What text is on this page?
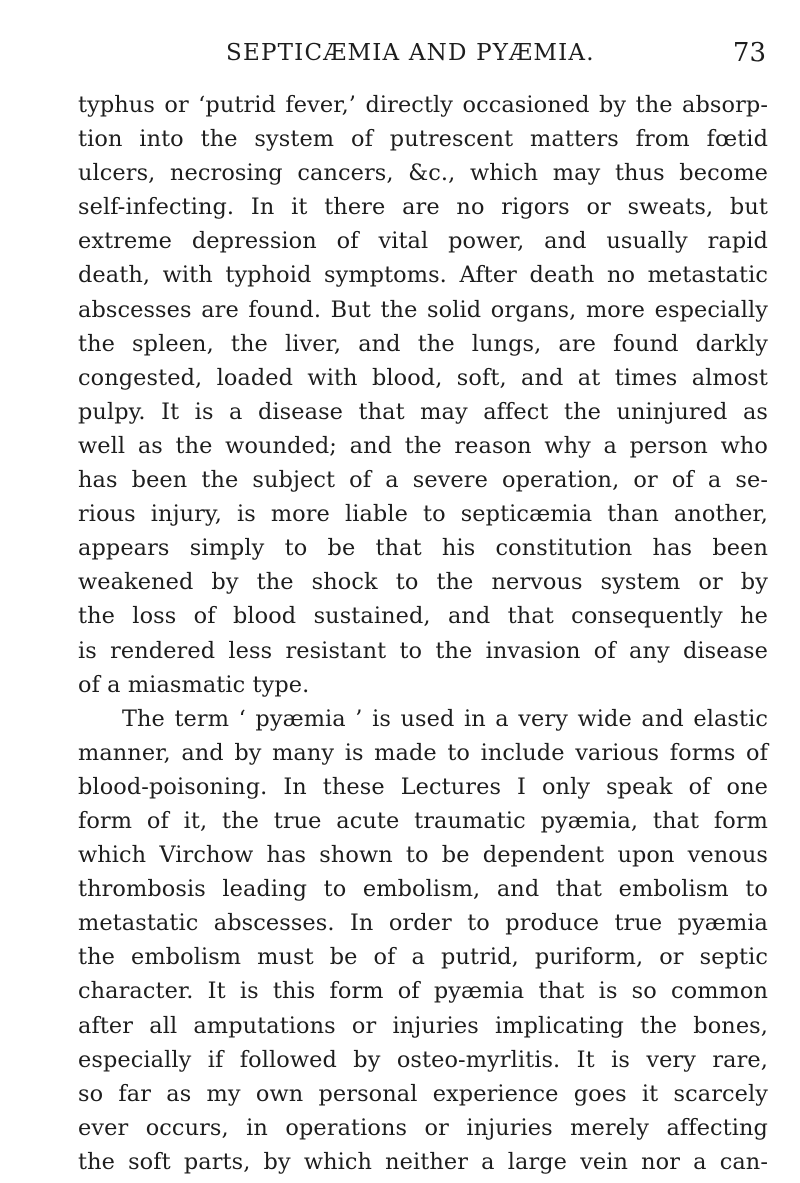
SEPTICÆMIA AND PYÆMIA.	73
typhus or ‘putrid fever,’ directly occasioned by the absorp-
tion into the system of putrescent matters from fœtid
ulcers, necrosing cancers, &c., which may thus become
self-infecting. In it there are no rigors or sweats, but
extreme depression of vital power, and usually rapid
death, with typhoid symptoms. After death no metastatic
abscesses are found. But the solid organs, more especially
the spleen, the liver, and the lungs, are found darkly
congested, loaded with blood, soft, and at times almost
pulpy. It is a disease that may affect the uninjured as
well as the wounded; and the reason why a person who
has been the subject of a severe operation, or of a se-
rious injury, is more liable to septicæmia than another,
appears simply to be that his constitution has been
weakened by the shock to the nervous system or by
the loss of blood sustained, and that consequently he
is rendered less resistant to the invasion of any disease
of a miasmatic type.
The term ‘ pyæmia ’ is used in a very wide and elastic
manner, and by many is made to include various forms of
blood-poisoning. In these Lectures I only speak of one
form of it, the true acute traumatic pyæmia, that form
which Virchow has shown to be dependent upon venous
thrombosis leading to embolism, and that embolism to
metastatic abscesses. In order to produce true pyæmia
the embolism must be of a putrid, puriform, or septic
character. It is this form of pyæmia that is so common
after all amputations or injuries implicating the bones,
especially if followed by osteo-myrlitis. It is very rare,
so far as my own personal experience goes it scarcely
ever occurs, in operations or injuries merely affecting
the soft parts, by which neither a large vein nor a can-
